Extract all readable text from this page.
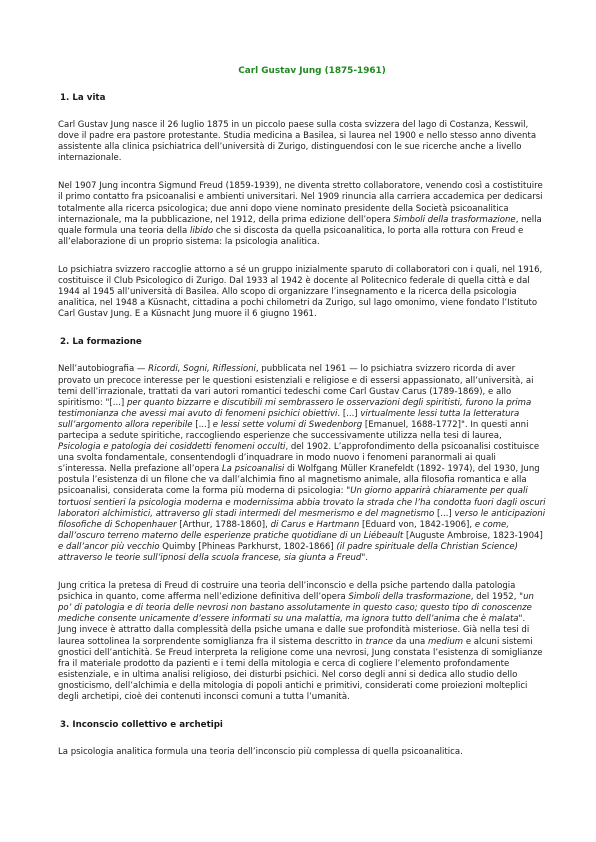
Carl Gustav Jung (1875-1961)
1. La vita

Carl Gustav Jung nasce il 26 luglio 1875 in un piccolo paese sulla costa svizzera del lago di Costanza, Kesswil, dove il padre era pastore protestante. Studia medicina a Basilea, si laurea nel 1900 e nello stesso anno diventa assistente alla clinica psichiatrica dell’università di Zurigo, distinguendosi con le sue ricerche anche a livello internazionale.

Nel 1907 Jung incontra Sigmund Freud (1859-1939), ne diventa stretto collaboratore, venendo così a costistituire il primo contatto fra psicoanalisi e ambienti universitari. Nel 1909 rinuncia alla carriera accademica per dedicarsi totalmente alla ricerca psicologica; due anni dopo viene nominato presidente della Società psicoanalitica internazionale, ma la pubblicazione, nel 1912, della prima edizione dell’opera Simboli della trasformazione, nella quale formula una teoria della libido che si discosta da quella psicoanalitica, lo porta alla rottura con Freud e all’elaborazione di un proprio sistema: la psicologia analitica.

Lo psichiatra svizzero raccoglie attorno a sé un gruppo inizialmente sparuto di collaboratori con i quali, nel 1916, costituisce il Club Psicologico di Zurigo. Dal 1933 al 1942 è docente al Politecnico federale di quella città e dal 1944 al 1945 all’università di Basilea. Allo scopo di organizzare l’insegnamento e la ricerca della psicologia analitica, nel 1948 a Küsnacht, cittadina a pochi chilometri da Zurigo, sul lago omonimo, viene fondato l’Istituto Carl Gustav Jung. E a Küsnacht Jung muore il 6 giugno 1961.

2. La formazione

Nell’autobiografia — Ricordi, Sogni, Riflessioni, pubblicata nel 1961 — lo psichiatra svizzero ricorda di aver provato un precoce interesse per le questioni esistenziali e religiose e di essersi appassionato, all’università, ai temi dell’irrazionale, trattati da vari autori romantici tedeschi come Carl Gustav Carus (1789-1869), e allo spiritismo: "[...] per quanto bizzarre e discutibili mi sembrassero le osservazioni degli spiritisti, furono la prima testimonianza che avessi mai avuto di fenomeni psichici obiettivi. [...] virtualmente lessi tutta la letteratura sull’argomento allora reperibile [...] e lessi sette volumi di Swedenborg [Emanuel, 1688-1772]". In questi anni partecipa a sedute spiritiche, raccogliendo esperienze che successivamente utilizza nella tesi di laurea, Psicologia e patologia dei cosiddetti fenomeni occulti, del 1902. L’approfondimento della psicoanalisi costituisce una svolta fondamentale, consentendogli d’inquadrare in modo nuovo i fenomeni paranormali ai quali s’interessa. Nella prefazione all’opera La psicoanalisi di Wolfgang Müller Kranefeldt (1892- 1974), del 1930, Jung postula l’esistenza di un filone che va dall’alchimia fino al magnetismo animale, alla filosofia romantica e alla psicoanalisi, considerata come la forma più moderna di psicologia: "Un giorno apparirà chiaramente per quali tortuosi sentieri la psicologia moderna e modernissima abbia trovato la strada che l’ha condotta fuori dagli oscuri laboratori alchimistici, attraverso gli stadi intermedi del mesmerismo e del magnetismo [...] verso le anticipazioni filosofiche di Schopenhauer [Arthur, 1788-1860], di Carus e Hartmann [Eduard von, 1842-1906], e come, dall’oscuro terreno materno delle esperienze pratiche quotidiane di un Liébeault [Auguste Ambroise, 1823-1904] e dall’ancor più vecchio Quimby [Phineas Parkhurst, 1802-1866] (il padre spirituale della Christian Science) attraverso le teorie sull’ipnosi della scuola francese, sia giunta a Freud".

Jung critica la pretesa di Freud di costruire una teoria dell’inconscio e della psiche partendo dalla patologia psichica in quanto, come afferma nell’edizione definitiva dell’opera Simboli della trasformazione, del 1952, "un po’ di patologia e di teoria delle nevrosi non bastano assolutamente in questo caso; questo tipo di conoscenze mediche consente unicamente d’essere informati su una malattia, ma ignora tutto dell’anima che è malata". Jung invece è attratto dalla complessità della psiche umana e dalle sue profondità misteriose. Già nella tesi di laurea sottolinea la sorprendente somiglianza fra il sistema descritto in trance da una medium e alcuni sistemi gnostici dell’antichità. Se Freud interpreta la religione come una nevrosi, Jung constata l’esistenza di somiglianze fra il materiale prodotto da pazienti e i temi della mitologia e cerca di cogliere l’elemento profondamente esistenziale, e in ultima analisi religioso, dei disturbi psichici. Nel corso degli anni si dedica allo studio dello gnosticismo, dell’alchimia e della mitologia di popoli antichi e primitivi, considerati come proiezioni molteplici degli archetipi, cioè dei contenuti inconsci comuni a tutta l’umanità.

3. Inconscio collettivo e archetipi

La psicologia analitica formula una teoria dell’inconscio più complessa di quella psicoanalitica.
